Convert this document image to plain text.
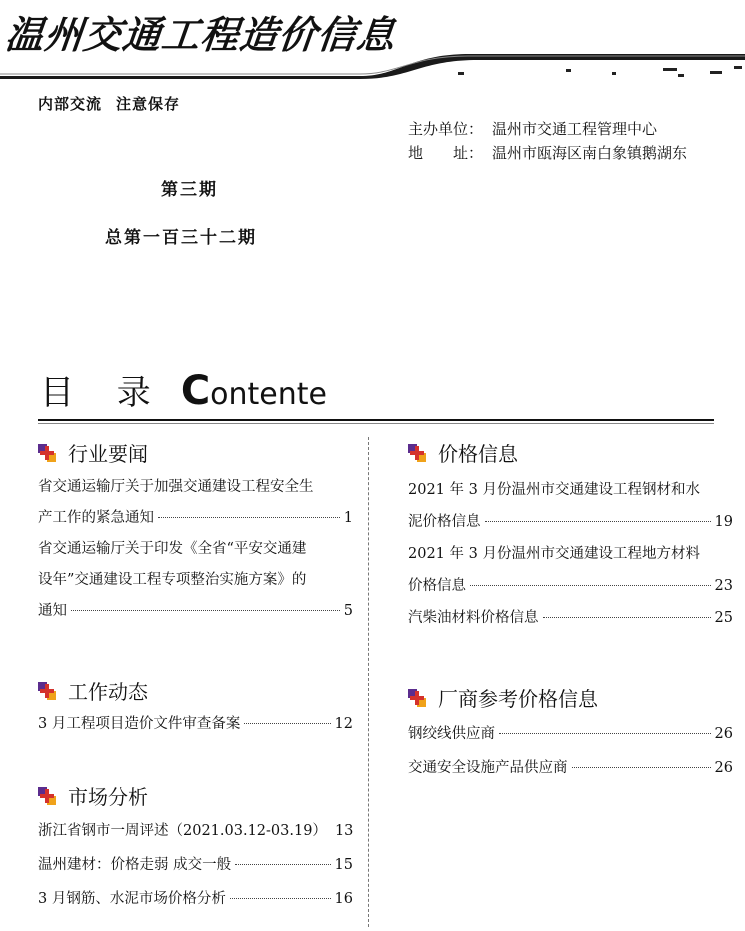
温州交通工程造价信息
内部交流 注意保存
主办单位： 温州市交通工程管理中心
地　　址： 温州市瓯海区南白象镇鹅湖东
第三期
总第一百三十二期
目 录 Contente
行业要闻
省交通运输厅关于加强交通建设工程安全生
产工作的紧急通知	1
省交通运输厅关于印发《全省“平安交通建
设年”交通建设工程专项整治实施方案》的
通知	5
工作动态
3 月工程项目造价文件审查备案	12
市场分析
浙江省钢市一周评述（2021.03.12-03.19） 13
温州建材：价格走弱 成交一般	15
3 月钢筋、水泥市场价格分析	16
价格信息
2021 年 3 月份温州市交通建设工程钢材和水
泥价格信息	19
2021 年 3 月份温州市交通建设工程地方材料
价格信息	23
汽柴油材料价格信息	25
厂商参考价格信息
钢绞线供应商	26
交通安全设施产品供应商	26
